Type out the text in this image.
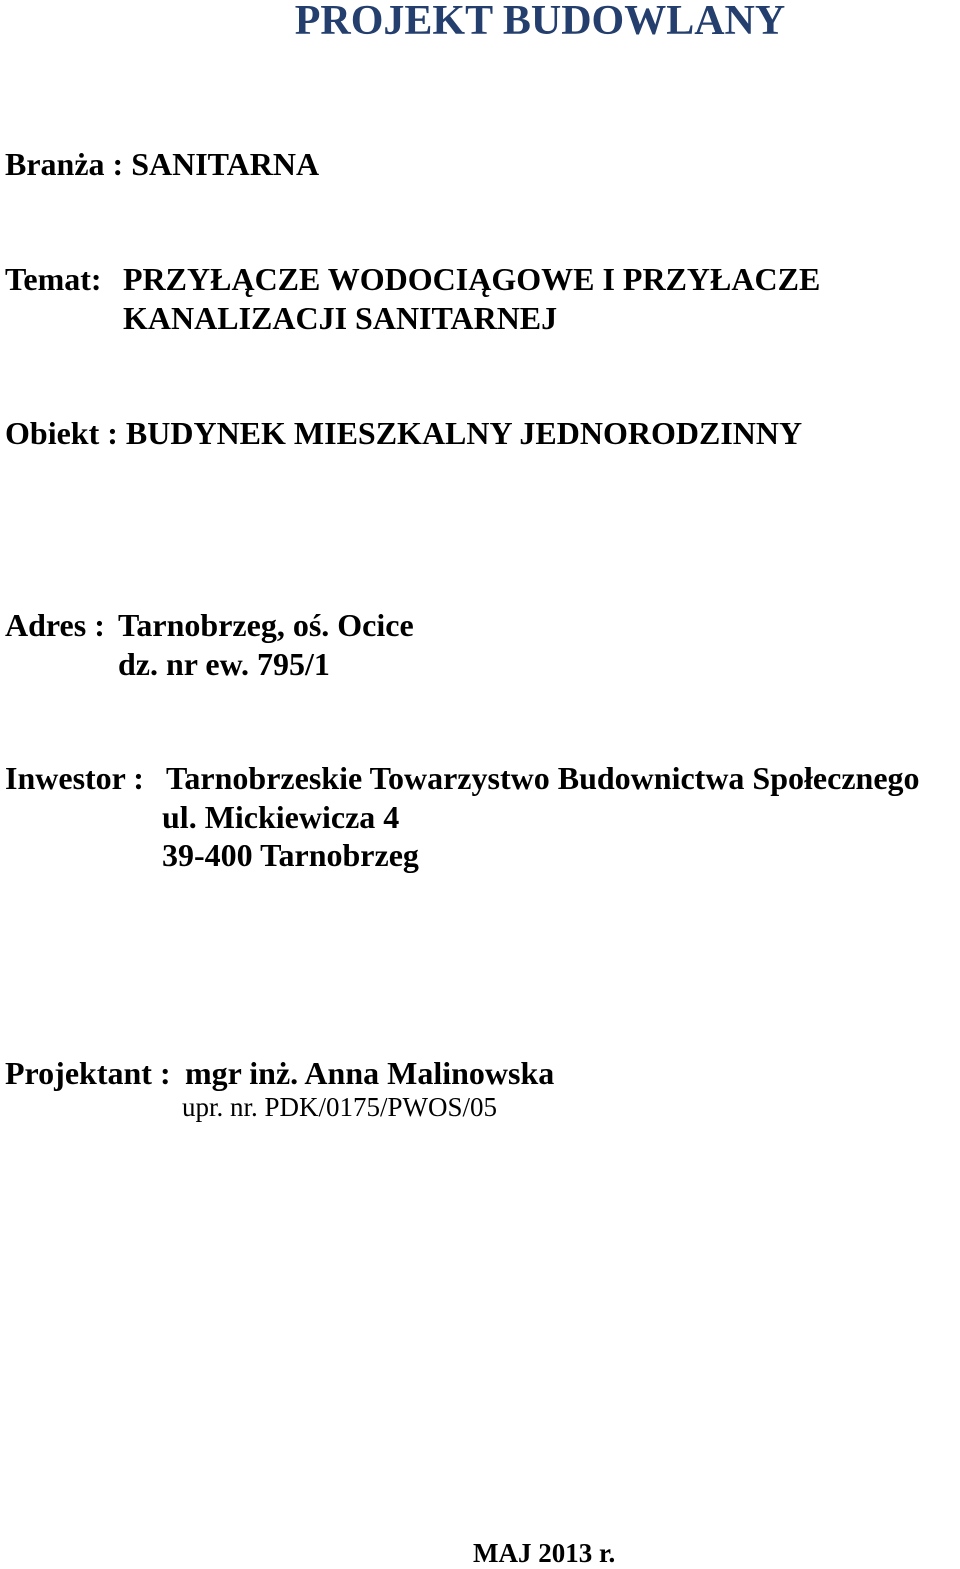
PROJEKT BUDOWLANY
Branża : SANITARNA
Temat: PRZYŁĄCZE WODOCIĄGOWE I PRZYŁACZE
KANALIZACJI SANITARNEJ
Obiekt : BUDYNEK MIESZKALNY JEDNORODZINNY
Adres : Tarnobrzeg, oś. Ocice
dz. nr ew. 795/1
Inwestor : Tarnobrzeskie Towarzystwo Budownictwa Społecznego
ul. Mickiewicza 4
39-400 Tarnobrzeg
Projektant : mgr inż. Anna Malinowska
upr. nr. PDK/0175/PWOS/05
MAJ 2013 r.
